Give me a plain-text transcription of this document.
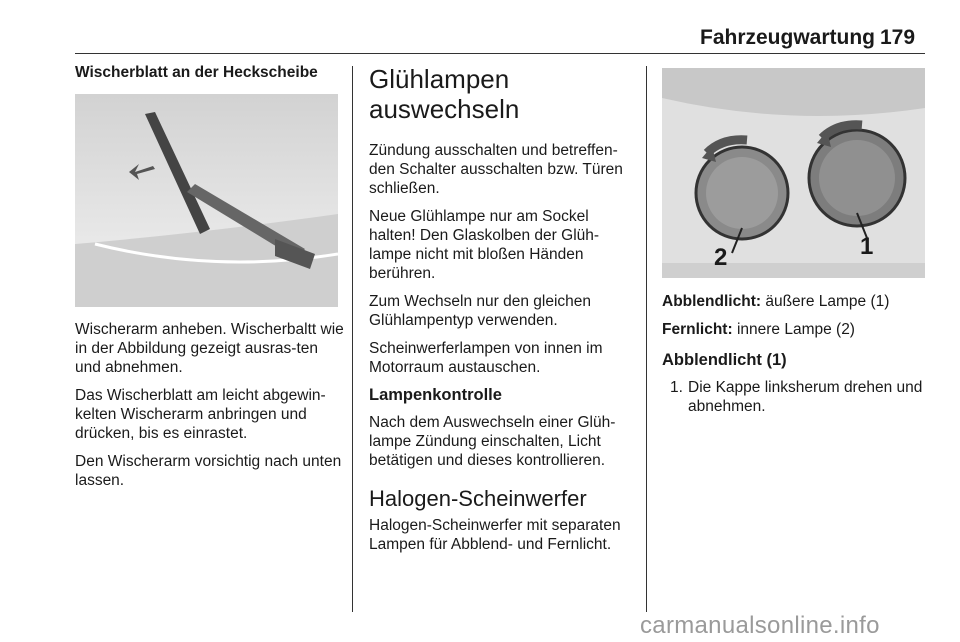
Fahrzeugwartung 179
Wischerblatt an der Heckscheibe

Wischerarm anheben. Wischerbaltt wie in der Abbildung gezeigt ausras-ten und abnehmen.

Das Wischerblatt am leicht abgewin-kelten Wischerarm anbringen und drücken, bis es einrastet.

Den Wischerarm vorsichtig nach unten lassen.

Glühlampen auswechseln

Zündung ausschalten und betreffen-den Schalter ausschalten bzw. Türen schließen.

Neue Glühlampe nur am Sockel halten! Den Glaskolben der Glüh-lampe nicht mit bloßen Händen berühren.

Zum Wechseln nur den gleichen Glühlampentyp verwenden.

Scheinwerferlampen von innen im Motorraum austauschen.

Lampenkontrolle

Nach dem Auswechseln einer Glüh-lampe Zündung einschalten, Licht betätigen und dieses kontrollieren.

Halogen-Scheinwerfer

Halogen-Scheinwerfer mit separaten Lampen für Abblend- und Fernlicht.

2	1

Abblendlicht: äußere Lampe (1)

Fernlicht: innere Lampe (2)

Abblendlicht (1)
1. Die Kappe linksherum drehen und abnehmen.
carmanualsonline.info
